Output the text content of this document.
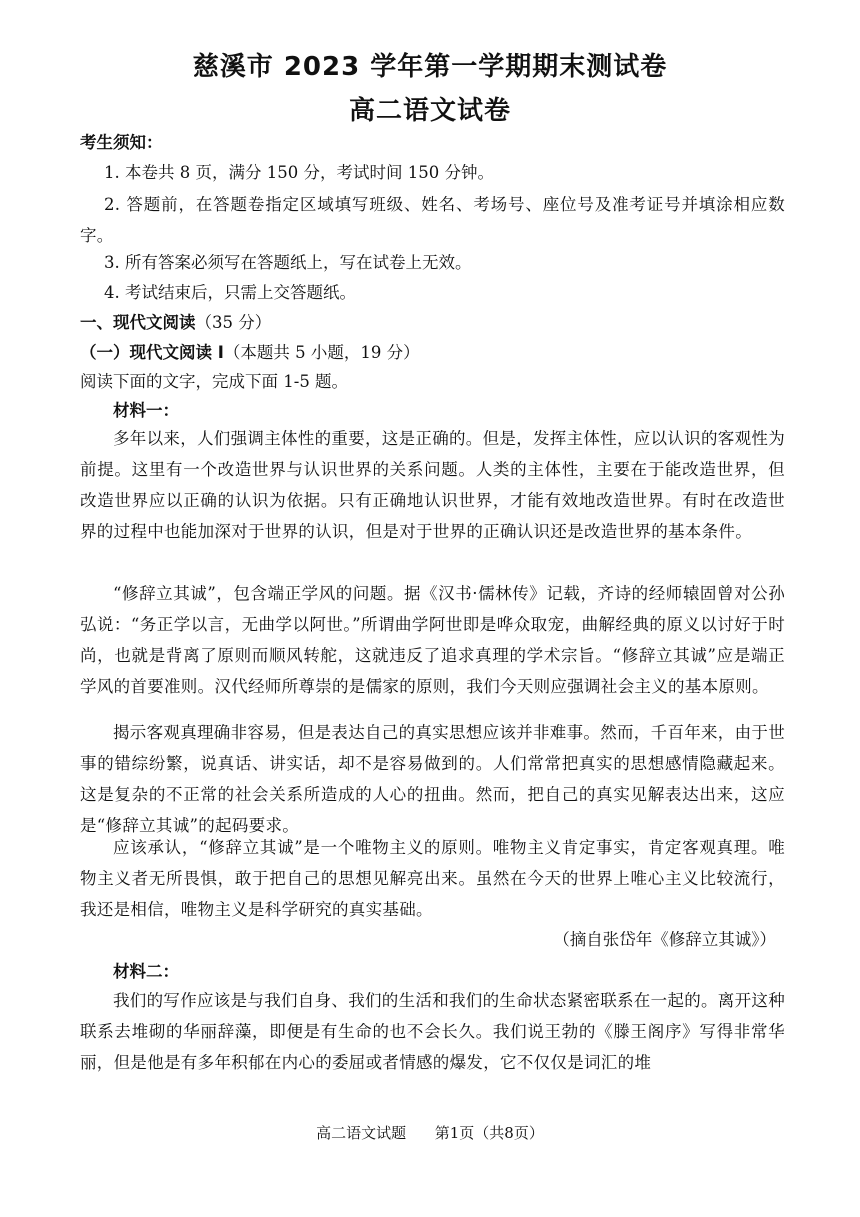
慈溪市 2023 学年第一学期期末测试卷
高二语文试卷
考生须知：
1. 本卷共 8 页，满分 150 分，考试时间 150 分钟。
2. 答题前，在答题卷指定区域填写班级、姓名、考场号、座位号及准考证号并填涂相应数字。
3. 所有答案必须写在答题纸上，写在试卷上无效。
4. 考试结束后，只需上交答题纸。
一、现代文阅读（35 分）
（一）现代文阅读 I（本题共 5 小题，19 分）
阅读下面的文字，完成下面 1-5 题。
材料一：
多年以来，人们强调主体性的重要，这是正确的。但是，发挥主体性，应以认识的客观性为前提。这里有一个改造世界与认识世界的关系问题。人类的主体性，主要在于能改造世界，但改造世界应以正确的认识为依据。只有正确地认识世界，才能有效地改造世界。有时在改造世界的过程中也能加深对于世界的认识，但是对于世界的正确认识还是改造世界的基本条件。
“修辞立其诚”，包含端正学风的问题。据《汉书·儒林传》记载，齐诗的经师辕固曾对公孙弘说：“务正学以言，无曲学以阿世。”所谓曲学阿世即是哗众取宠，曲解经典的原义以讨好于时尚，也就是背离了原则而顺风转舵，这就违反了追求真理的学术宗旨。“修辞立其诚”应是端正学风的首要准则。汉代经师所尊崇的是儒家的原则，我们今天则应强调社会主义的基本原则。
揭示客观真理确非容易，但是表达自己的真实思想应该并非难事。然而，千百年来，由于世事的错综纷繁，说真话、讲实话，却不是容易做到的。人们常常把真实的思想感情隐藏起来。这是复杂的不正常的社会关系所造成的人心的扭曲。然而，把自己的真实见解表达出来，这应是“修辞立其诚”的起码要求。
应该承认，“修辞立其诚”是一个唯物主义的原则。唯物主义肯定事实，肯定客观真理。唯物主义者无所畏惧，敢于把自己的思想见解亮出来。虽然在今天的世界上唯心主义比较流行，我还是相信，唯物主义是科学研究的真实基础。
（摘自张岱年《修辞立其诚》）
材料二：
我们的写作应该是与我们自身、我们的生活和我们的生命状态紧密联系在一起的。离开这种联系去堆砌的华丽辞藻，即便是有生命的也不会长久。我们说王勃的《滕王阁序》写得非常华丽，但是他是有多年积郁在内心的委屈或者情感的爆发，它不仅仅是词汇的堆
高二语文试题 第1页（共8页）
